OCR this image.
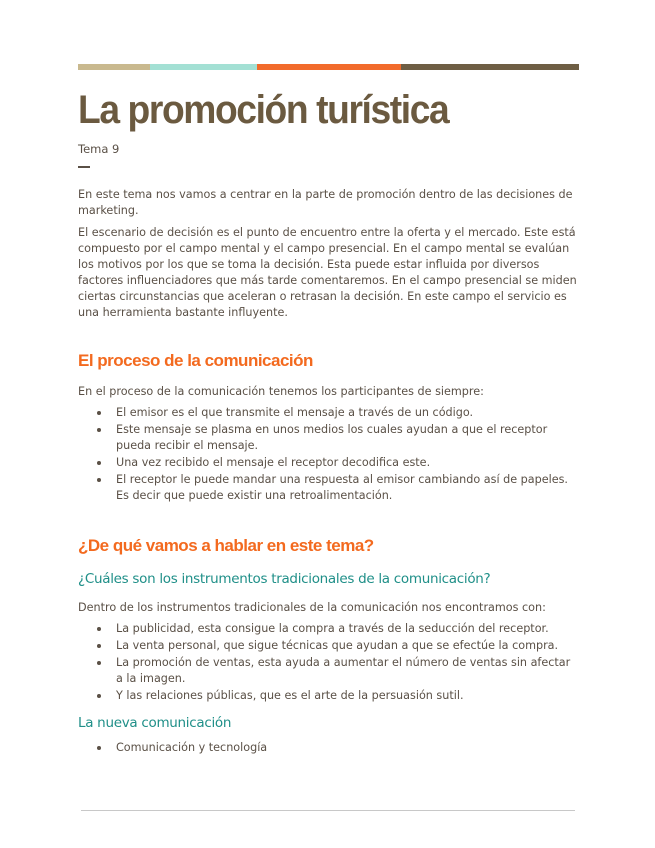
La promoción turística
Tema 9

En este tema nos vamos a centrar en la parte de promoción dentro de las decisiones de marketing.

El escenario de decisión es el punto de encuentro entre la oferta y el mercado. Este está compuesto por el campo mental y el campo presencial. En el campo mental se evalúan los motivos por los que se toma la decisión. Esta puede estar influida por diversos factores influenciadores que más tarde comentaremos. En el campo presencial se miden ciertas circunstancias que aceleran o retrasan la decisión. En este campo el servicio es una herramienta bastante influyente.

El proceso de la comunicación

En el proceso de la comunicación tenemos los participantes de siempre:

El emisor es el que transmite el mensaje a través de un código.
Este mensaje se plasma en unos medios los cuales ayudan a que el receptor pueda recibir el mensaje.
Una vez recibido el mensaje el receptor decodifica este.
El receptor le puede mandar una respuesta al emisor cambiando así de papeles. Es decir que puede existir una retroalimentación.
¿De qué vamos a hablar en este tema?
¿Cuáles son los instrumentos tradicionales de la comunicación?

Dentro de los instrumentos tradicionales de la comunicación nos encontramos con:

La publicidad, esta consigue la compra a través de la seducción del receptor.
La venta personal, que sigue técnicas que ayudan a que se efectúe la compra.
La promoción de ventas, esta ayuda a aumentar el número de ventas sin afectar a la imagen.
Y las relaciones públicas, que es el arte de la persuasión sutil.
La nueva comunicación
Comunicación y tecnología
